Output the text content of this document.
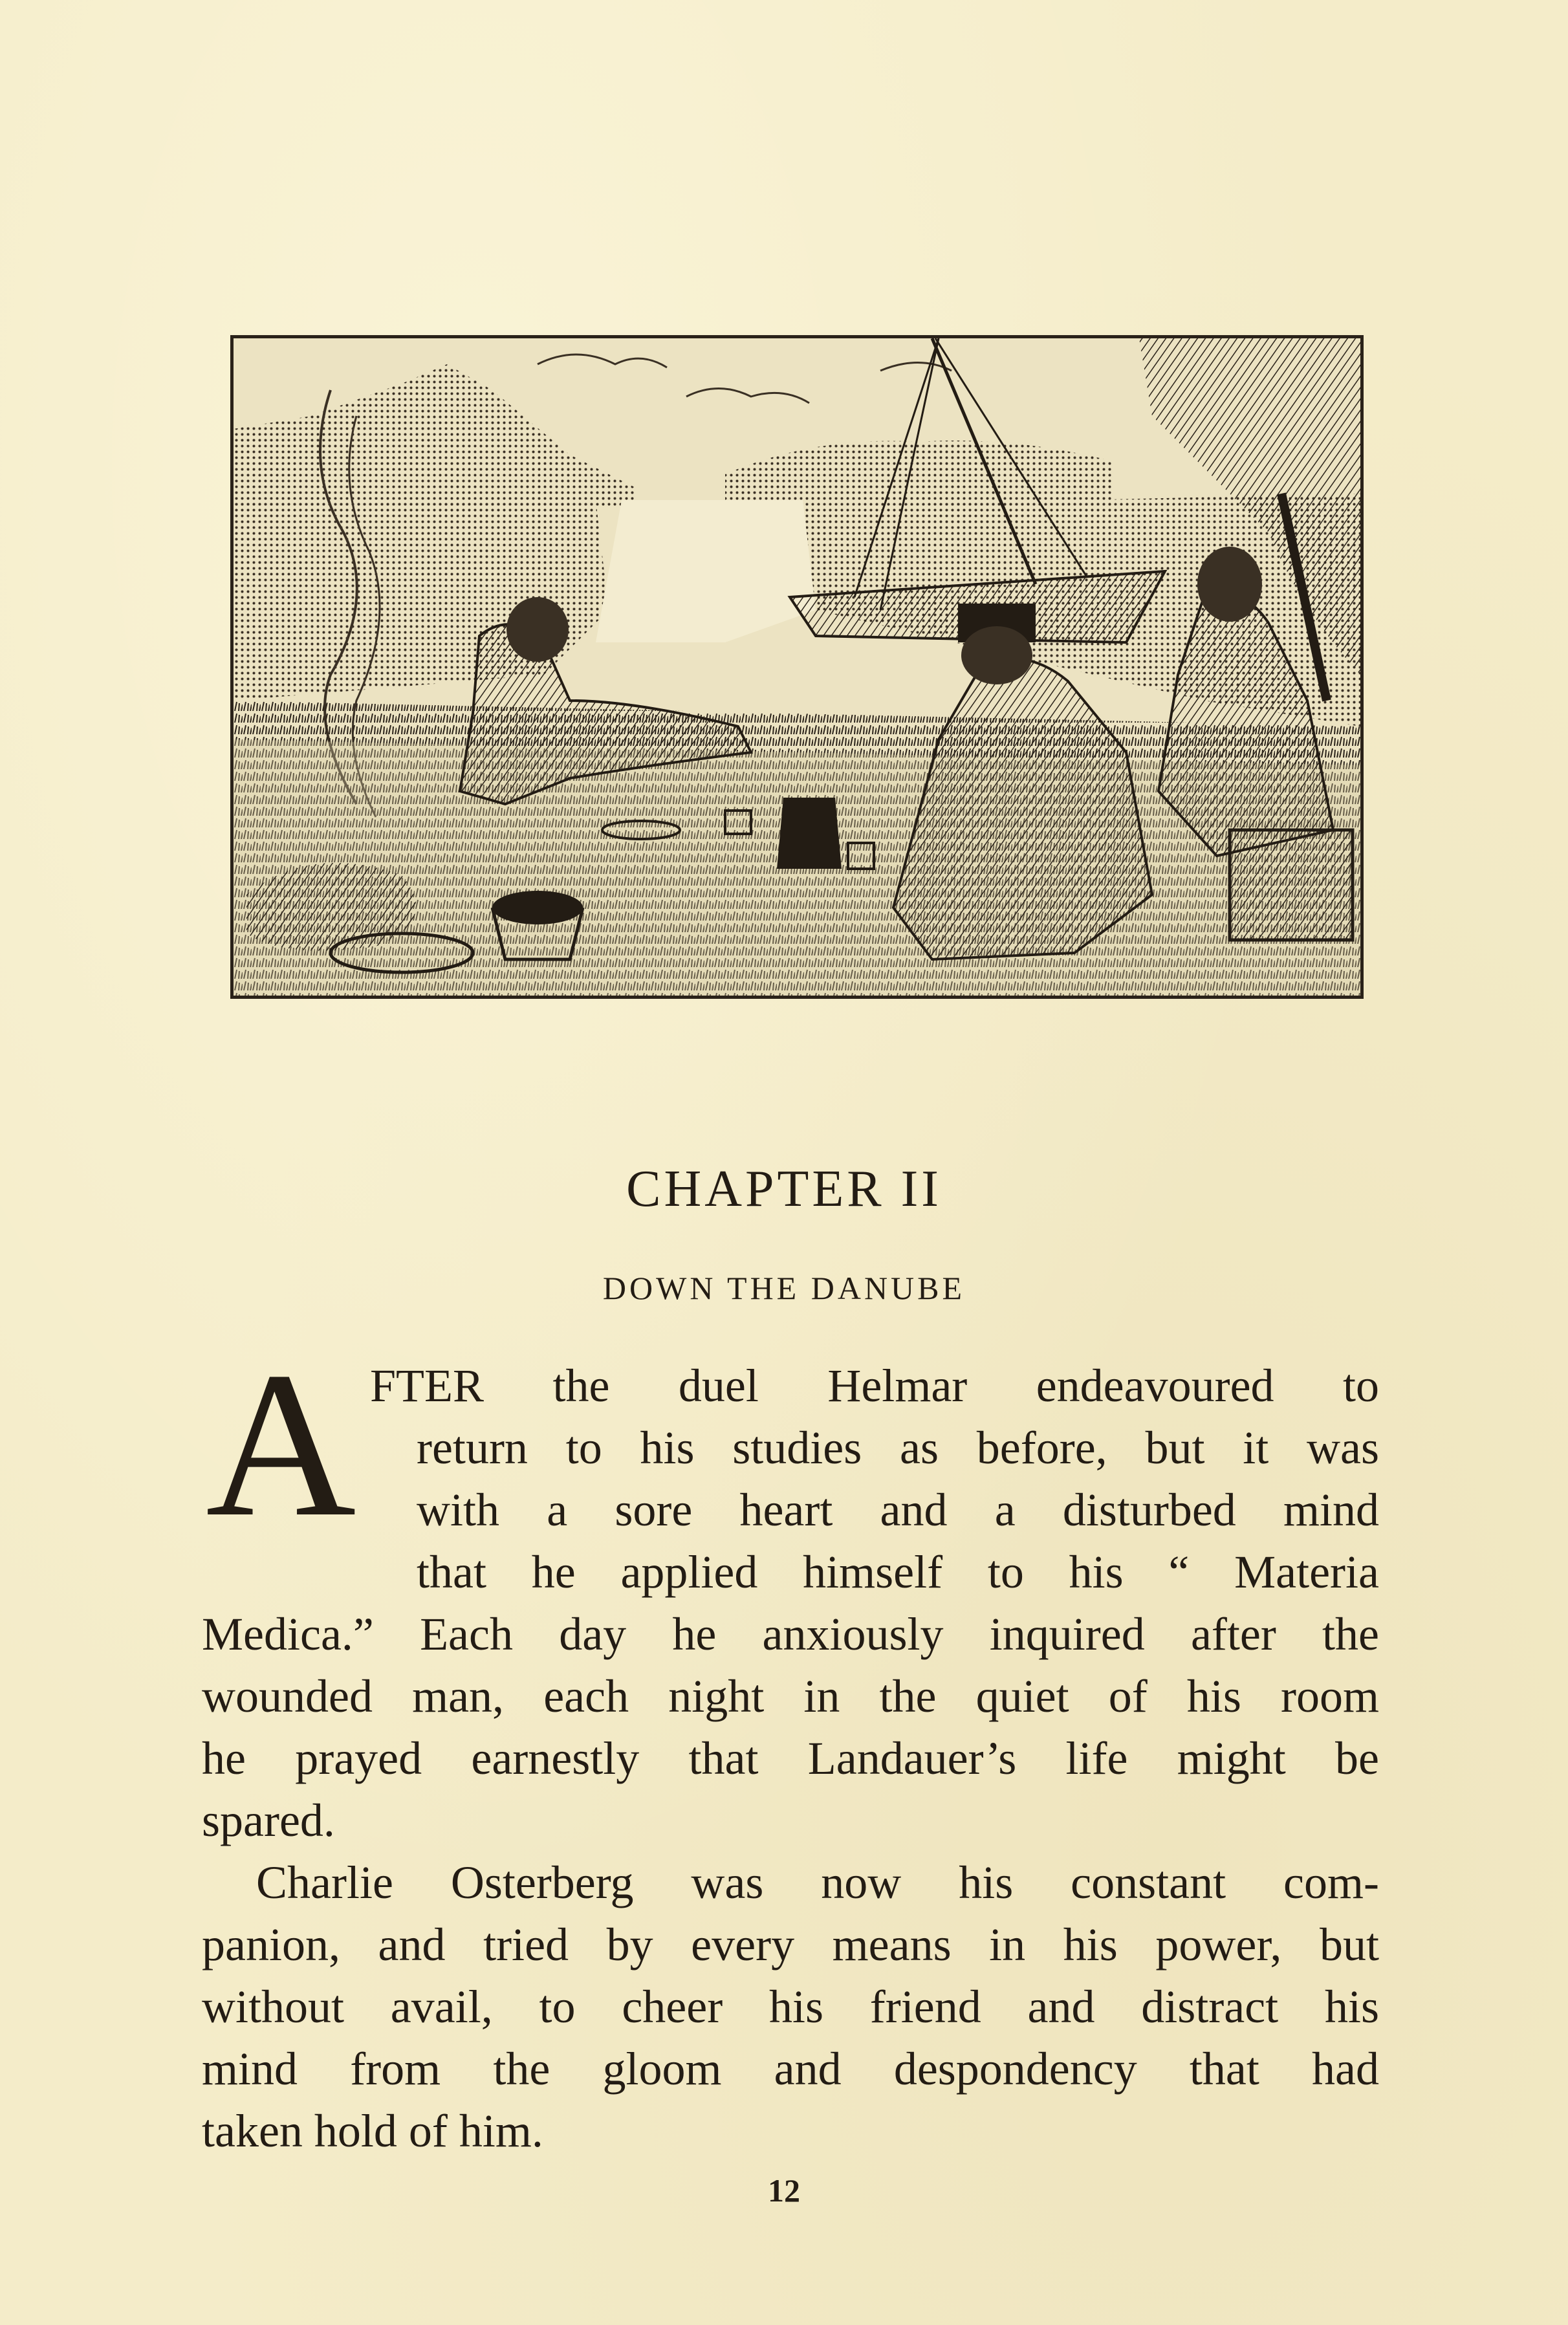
CHAPTER II
DOWN THE DANUBE
A FTER the duel Helmar endeavoured to
return to his studies as before, but it was
with a sore heart and a disturbed mind
that he applied himself to his “ Materia
Medica.” Each day he anxiously inquired after the
wounded man, each night in the quiet of his room
he prayed earnestly that Landauer’s life might be
spared.
Charlie Osterberg was now his constant com-
panion, and tried by every means in his power, but
without avail, to cheer his friend and distract his
mind from the gloom and despondency that had
taken hold of him.
12
